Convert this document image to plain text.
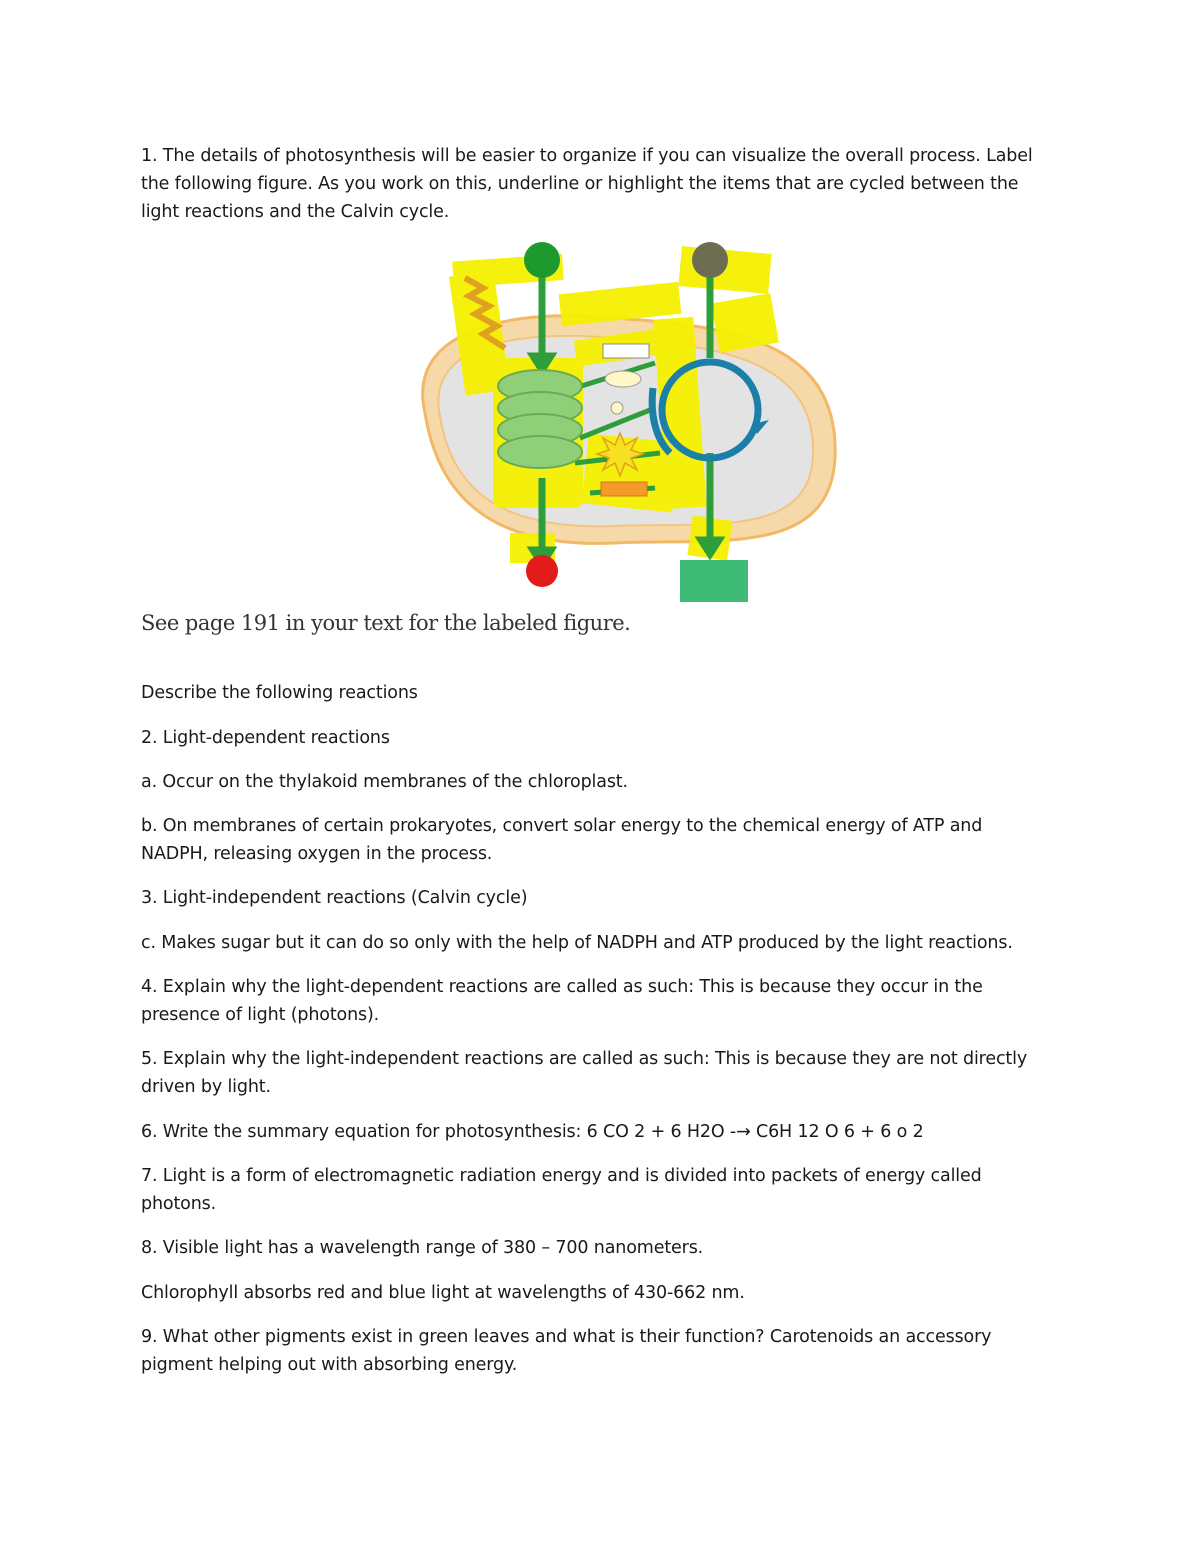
1. The details of photosynthesis will be easier to organize if you can visualize the overall process. Label the following figure. As you work on this, underline or highlight the items that are cycled between the light reactions and the Calvin cycle.

See page 191 in your text for the labeled figure.

Describe the following reactions

2. Light-dependent reactions

a. Occur on the thylakoid membranes of the chloroplast.

b. On membranes of certain prokaryotes, convert solar energy to the chemical energy of ATP and NADPH, releasing oxygen in the process.

3. Light-independent reactions (Calvin cycle)

c. Makes sugar but it can do so only with the help of NADPH and ATP produced by the light reactions.

4. Explain why the light-dependent reactions are called as such: This is because they occur in the presence of light (photons).

5. Explain why the light-independent reactions are called as such: This is because they are not directly driven by light.

6. Write the summary equation for photosynthesis: 6 CO 2 + 6 H2O -→ C6H 12 O 6 + 6 o 2

7. Light is a form of electromagnetic radiation energy and is divided into packets of energy called photons.

8. Visible light has a wavelength range of 380 – 700 nanometers.

Chlorophyll absorbs red and blue light at wavelengths of 430-662 nm.

9. What other pigments exist in green leaves and what is their function? Carotenoids an accessory pigment helping out with absorbing energy.
